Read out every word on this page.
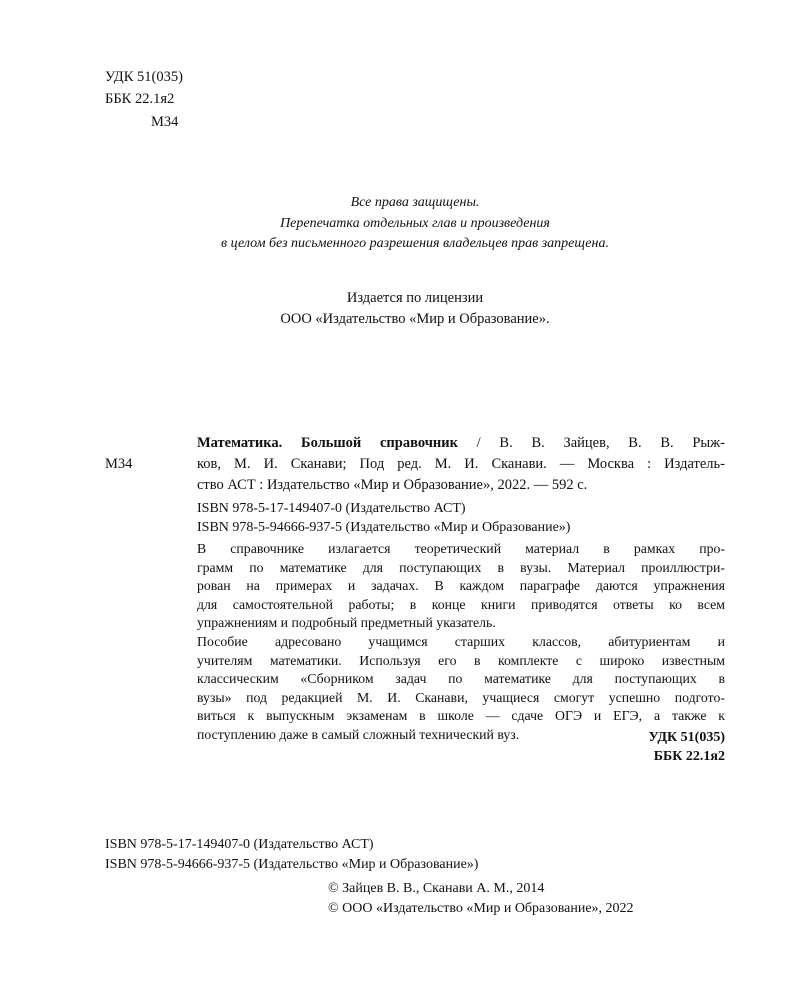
УДК 51(035)
ББК 22.1я2
М34
Все права защищены.
Перепечатка отдельных глав и произведения
в целом без письменного разрешения владельцев прав запрещена.
Издается по лицензии
ООО «Издательство «Мир и Образование».
М34

Математика. Большой справочник / В. В. Зайцев, В. В. Рыж-

ков, М. И. Сканави; Под ред. М. И. Сканави. — Москва : Издатель-

ство АСТ : Издательство «Мир и Образование», 2022. — 592 с.

ISBN 978-5-17-149407-0 (Издательство АСТ)
ISBN 978-5-94666-937-5 (Издательство «Мир и Образование»)

В справочнике излагается теоретический материал в рамках про-
грамм по математике для поступающих в вузы. Материал проиллюстри-
рован на примерах и задачах. В каждом параграфе даются упражнения
для самостоятельной работы; в конце книги приводятся ответы ко всем
упражнениям и подробный предметный указатель.

Пособие адресовано учащимся старших классов, абитуриентам и
учителям математики. Используя его в комплекте с широко известным
классическим «Сборником задач по математике для поступающих в
вузы» под редакцией М. И. Сканави, учащиеся смогут успешно подгото-
виться к выпускным экзаменам в школе — сдаче ОГЭ и ЕГЭ, а также к
поступлению даже в самый сложный технический вуз.	УДК 51(035)
ББК 22.1я2
ISBN 978-5-17-149407-0 (Издательство АСТ)
ISBN 978-5-94666-937-5 (Издательство «Мир и Образование»)
© Зайцев В. В., Сканави А. М., 2014
© ООО «Издательство «Мир и Образование», 2022
